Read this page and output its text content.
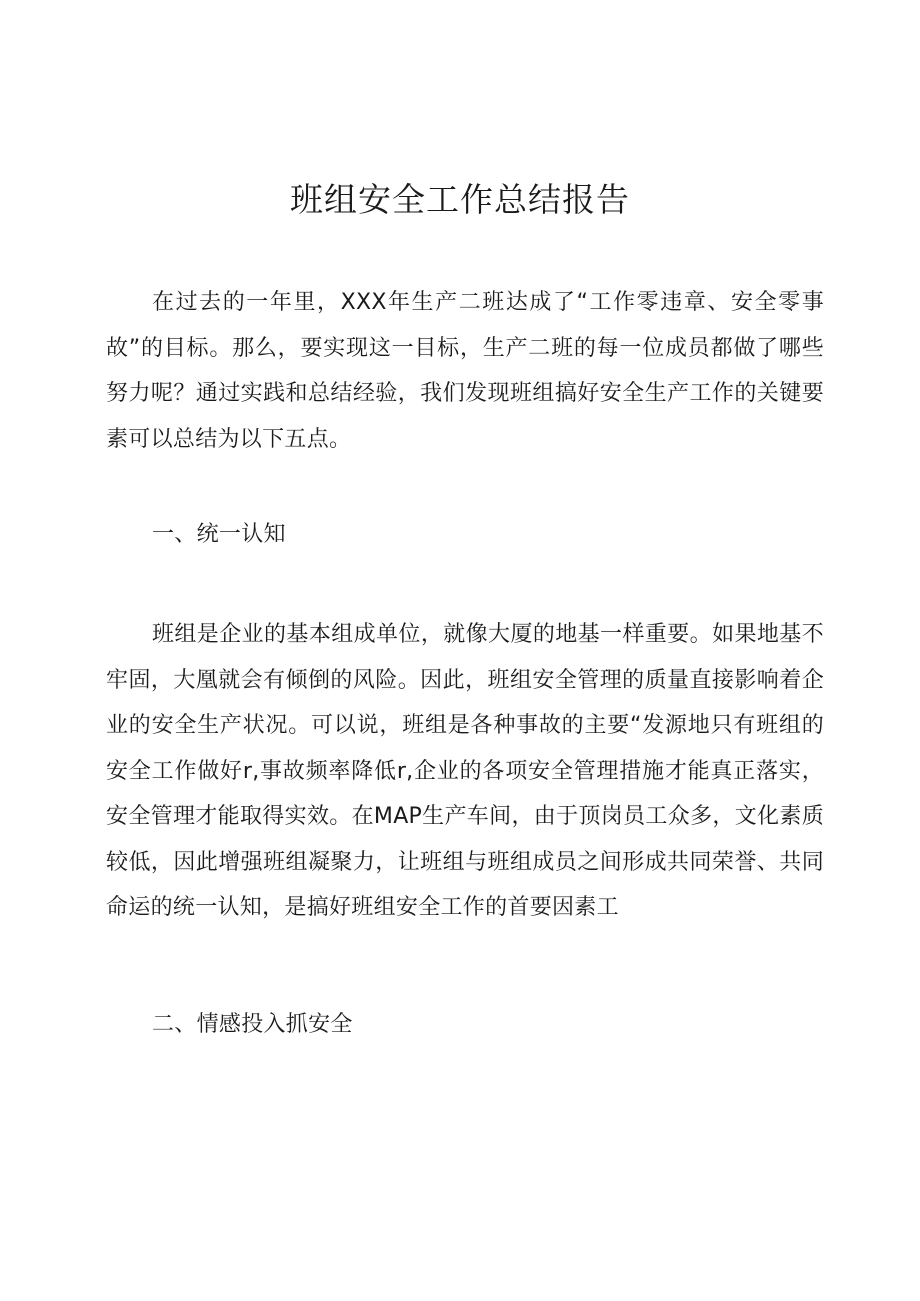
班组安全工作总结报告

在过去的一年里，XXX年生产二班达成了“工作零违章、安全零事故”的目标。那么，要实现这一目标，生产二班的每一位成员都做了哪些努力呢？通过实践和总结经验，我们发现班组搞好安全生产工作的关键要素可以总结为以下五点。

一、统一认知

班组是企业的基本组成单位，就像大厦的地基一样重要。如果地基不牢固，大凰就会有倾倒的风险。因此，班组安全管理的质量直接影响着企业的安全生产状况。可以说，班组是各种事故的主要“发源地只有班组的安全工作做好r,事故频率降低r,企业的各项安全管理措施才能真正落实，安全管理才能取得实效。在MAP生产车间，由于顶岗员工众多，文化素质较低，因此增强班组凝聚力，让班组与班组成员之间形成共同荣誉、共同命运的统一认知，是搞好班组安全工作的首要因素工

二、情感投入抓安全
